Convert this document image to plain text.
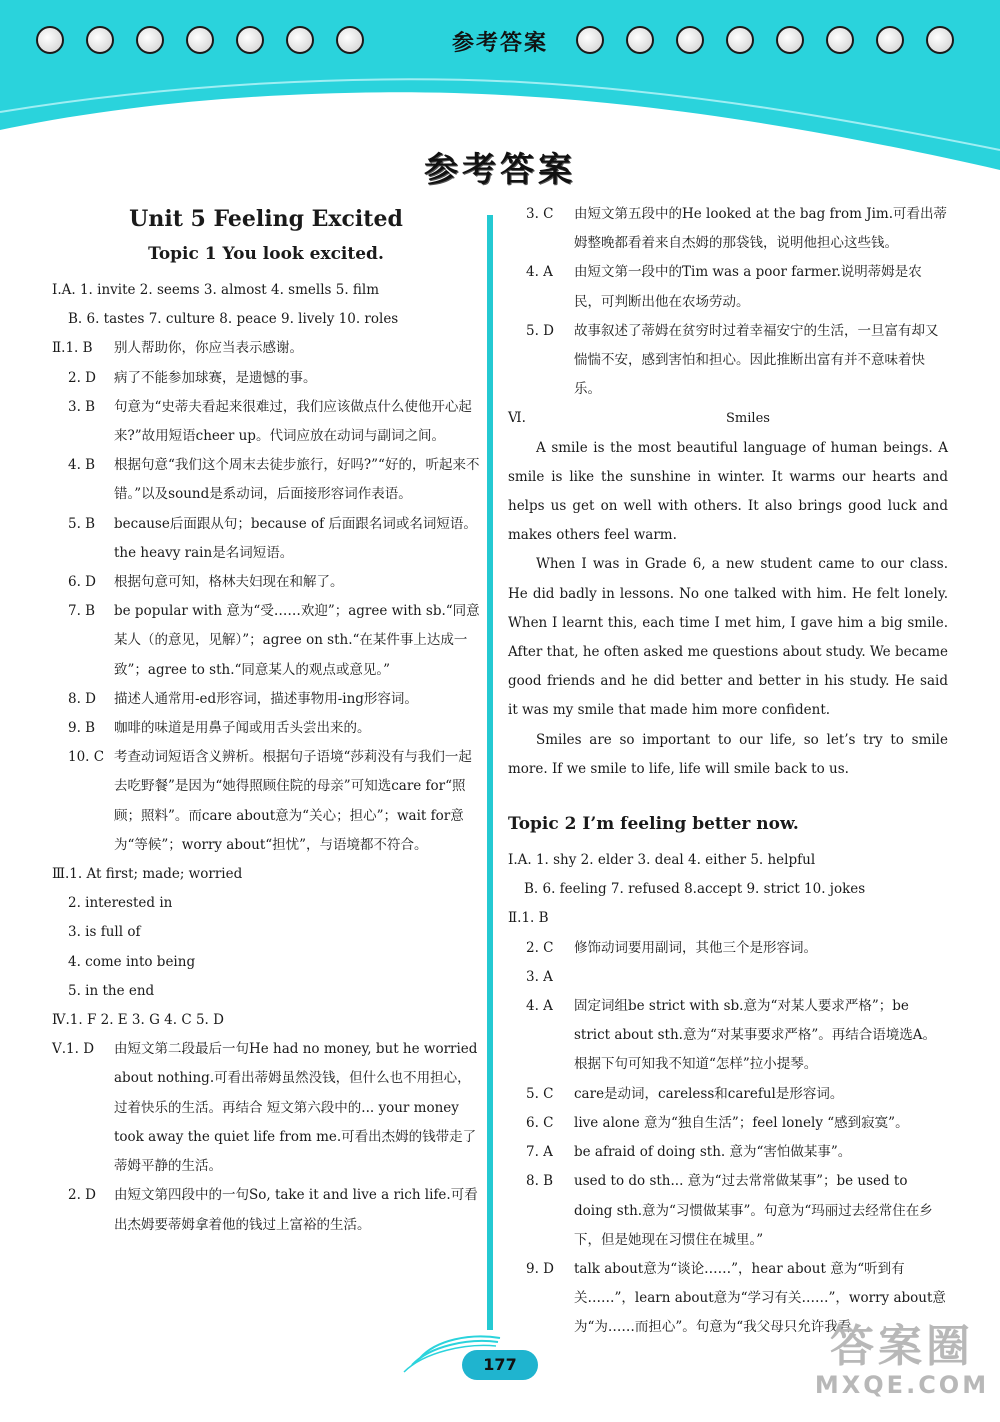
参考答案
参考答案
Unit 5 Feeling Excited
Topic 1 You look excited.
Ⅰ.A. 1. invite 2. seems 3. almost 4. smells 5. film
B. 6. tastes 7. culture 8. peace 9. lively 10. roles
Ⅱ.1. B	别人帮助你，你应当表示感谢。
2. D	病了不能参加球赛，是遗憾的事。
3. B	句意为“史蒂夫看起来很难过，我们应该做点什么使他开心起来?”故用短语cheer up。代词应放在动词与副词之间。
4. B	根据句意“我们这个周末去徒步旅行，好吗?”“好的，听起来不错。”以及sound是系动词，后面接形容词作表语。
5. B	because后面跟从句；because of 后面跟名词或名词短语。the heavy rain是名词短语。
6. D	根据句意可知，格林夫妇现在和解了。
7. B	be popular with 意为“受……欢迎”；agree with sb.“同意某人（的意见，见解）”；agree on sth.“在某件事上达成一致”；agree to sth.“同意某人的观点或意见。”
8. D	描述人通常用-ed形容词，描述事物用-ing形容词。
9. B	咖啡的味道是用鼻子闻或用舌头尝出来的。
10. C 考查动词短语含义辨析。根据句子语境“莎莉没有与我们一起去吃野餐”是因为“她得照顾住院的母亲”可知选care for“照顾；照料”。而care about意为“关心；担心”；wait for意为“等候”；worry about“担忧”，与语境都不符合。
Ⅲ.1. At first; made; worried
2. interested in
3. is full of
4. come into being
5. in the end
Ⅳ.1. F 2. E 3. G 4. C 5. D
Ⅴ.1. D	由短文第二段最后一句He had no money, but he worried about nothing.可看出蒂姆虽然没钱，但什么也不用担心，过着快乐的生活。再结合 短文第六段中的... your money took away the quiet life from me.可看出杰姆的钱带走了蒂姆平静的生活。
2. D	由短文第四段中的一句So, take it and live a rich life.可看出杰姆要蒂姆拿着他的钱过上富裕的生活。
3. C	由短文第五段中的He looked at the bag from Jim.可看出蒂姆整晚都看着来自杰姆的那袋钱，说明他担心这些钱。
4. A	由短文第一段中的Tim was a poor farmer.说明蒂姆是农民，可判断出他在农场劳动。
5. D	故事叙述了蒂姆在贫穷时过着幸福安宁的生活，一旦富有却又惴惴不安，感到害怕和担心。因此推断出富有并不意味着快乐。
Ⅵ.	Smiles

A smile is the most beautiful language of human beings. A smile is like the sunshine in winter. It warms our hearts and helps us get on well with others. It also brings good luck and makes others feel warm.

When I was in Grade 6, a new student came to our class. He did badly in lessons. No one talked with him. He felt lonely. When I learnt this, each time I met him, I gave him a big smile. After that, he often asked me questions about study. We became good friends and he did better and better in his study. He said it was my smile that made him more confident.

Smiles are so important to our life, so let’s try to smile more. If we smile to life, life will smile back to us.

Topic 2 I’m feeling better now.
Ⅰ.A. 1. shy 2. elder 3. deal 4. either 5. helpful
B. 6. feeling 7. refused 8.accept 9. strict 10. jokes
Ⅱ.1. B
2. C	修饰动词要用副词，其他三个是形容词。
3. A
4. A	固定词组be strict with sb.意为“对某人要求严格”；be strict about sth.意为“对某事要求严格”。再结合语境选A。根据下句可知我不知道“怎样”拉小提琴。
5. C	care是动词，careless和careful是形容词。
6. C	live alone 意为“独自生活”；feel lonely “感到寂寞”。
7. A	be afraid of doing sth. 意为“害怕做某事”。
8. B	used to do sth... 意为“过去常常做某事”；be used to doing sth.意为“习惯做某事”。句意为“玛丽过去经常住在乡下，但是她现在习惯住在城里。”
9. D	talk about意为“谈论……”，hear about 意为“听到有关……”，learn about意为“学习有关……”，worry about意为“为……而担心”。句意为“我父母只允许我看
177	答案圈
MXQE.COM
